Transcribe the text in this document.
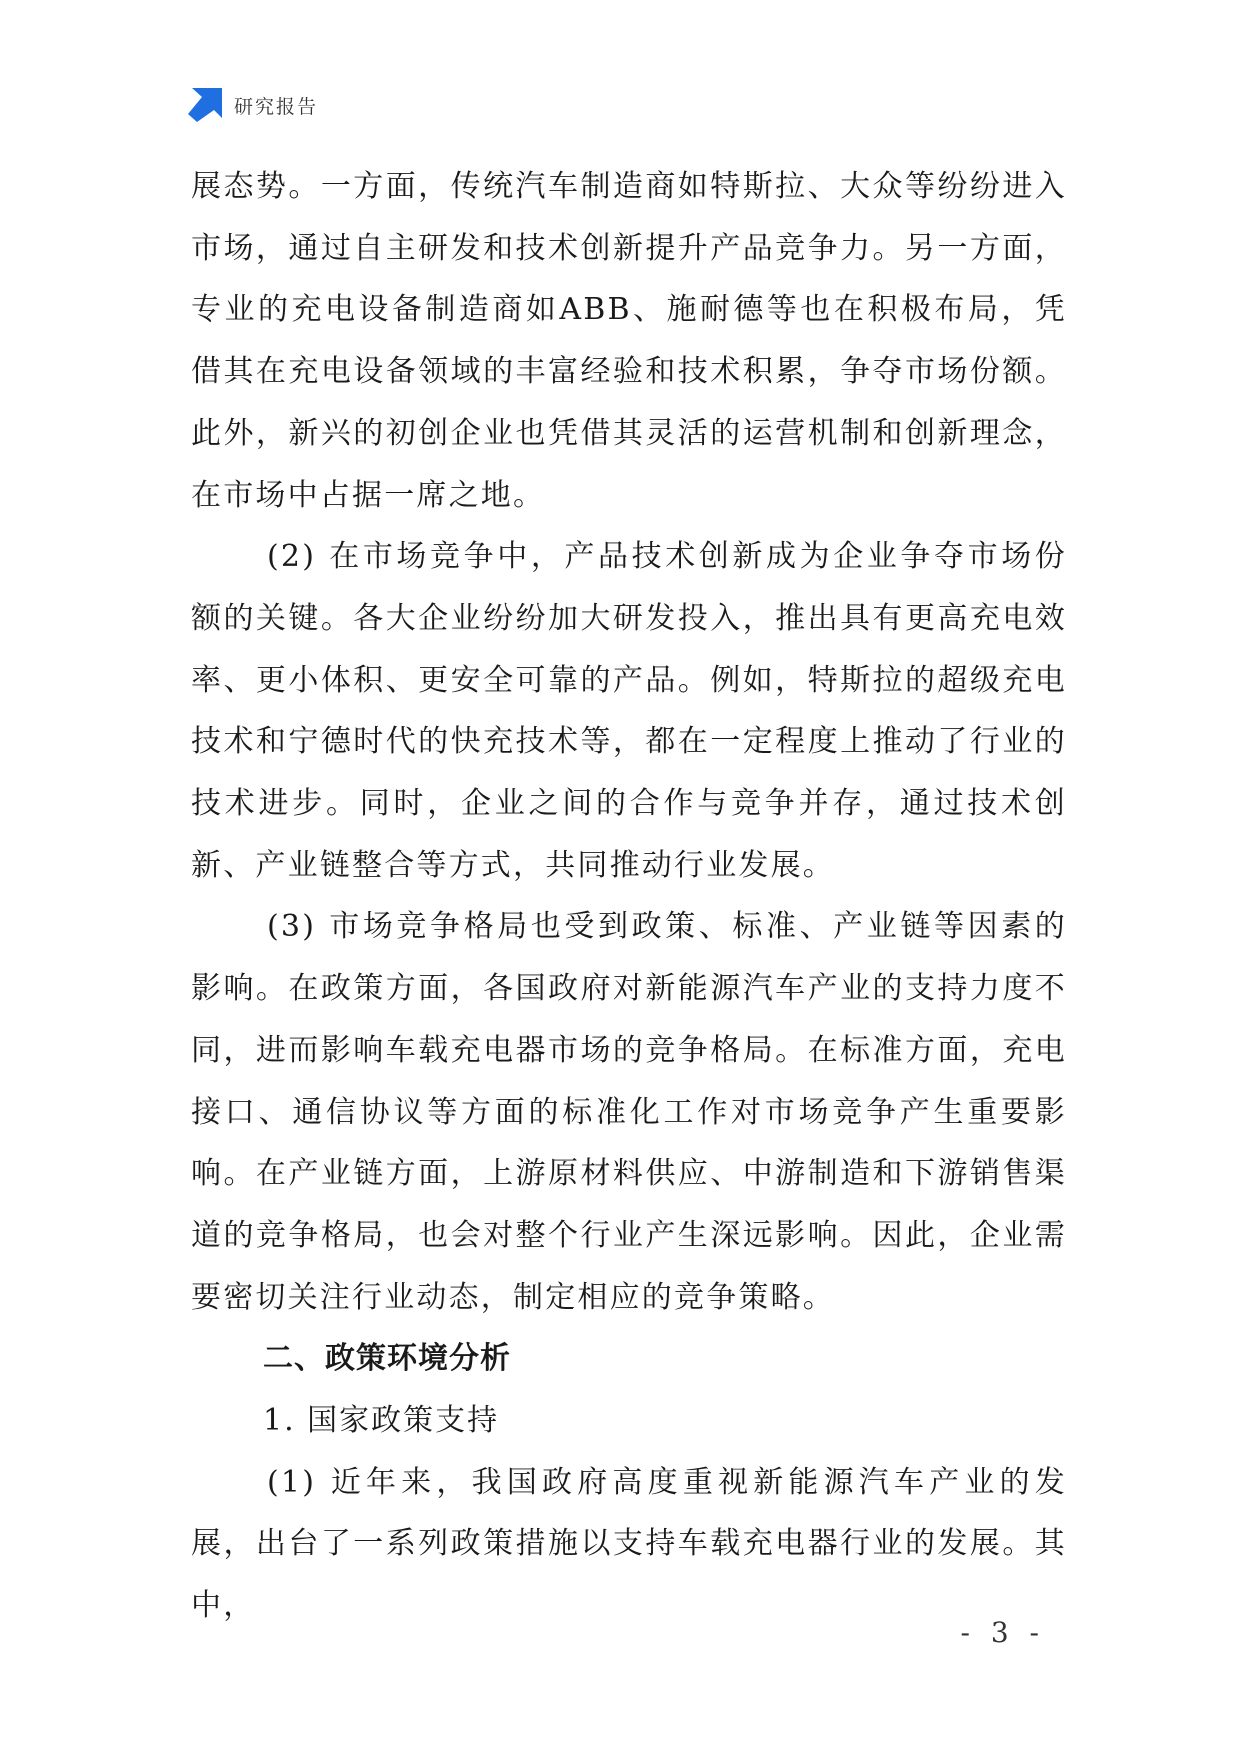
研究报告

展态势。一方面，传统汽车制造商如特斯拉、大众等纷纷进入市场，通过自主研发和技术创新提升产品竞争力。另一方面，专业的充电设备制造商如ABB、施耐德等也在积极布局，凭借其在充电设备领域的丰富经验和技术积累，争夺市场份额。此外，新兴的初创企业也凭借其灵活的运营机制和创新理念，在市场中占据一席之地。

(2) 在市场竞争中，产品技术创新成为企业争夺市场份额的关键。各大企业纷纷加大研发投入，推出具有更高充电效率、更小体积、更安全可靠的产品。例如，特斯拉的超级充电技术和宁德时代的快充技术等，都在一定程度上推动了行业的技术进步。同时，企业之间的合作与竞争并存，通过技术创新、产业链整合等方式，共同推动行业发展。

(3) 市场竞争格局也受到政策、标准、产业链等因素的影响。在政策方面，各国政府对新能源汽车产业的支持力度不同，进而影响车载充电器市场的竞争格局。在标准方面，充电接口、通信协议等方面的标准化工作对市场竞争产生重要影响。在产业链方面，上游原材料供应、中游制造和下游销售渠道的竞争格局，也会对整个行业产生深远影响。因此，企业需要密切关注行业动态，制定相应的竞争策略。

二、政策环境分析

1. 国家政策支持

(1) 近年来，我国政府高度重视新能源汽车产业的发展，出台了一系列政策措施以支持车载充电器行业的发展。其中，

- 3 -
